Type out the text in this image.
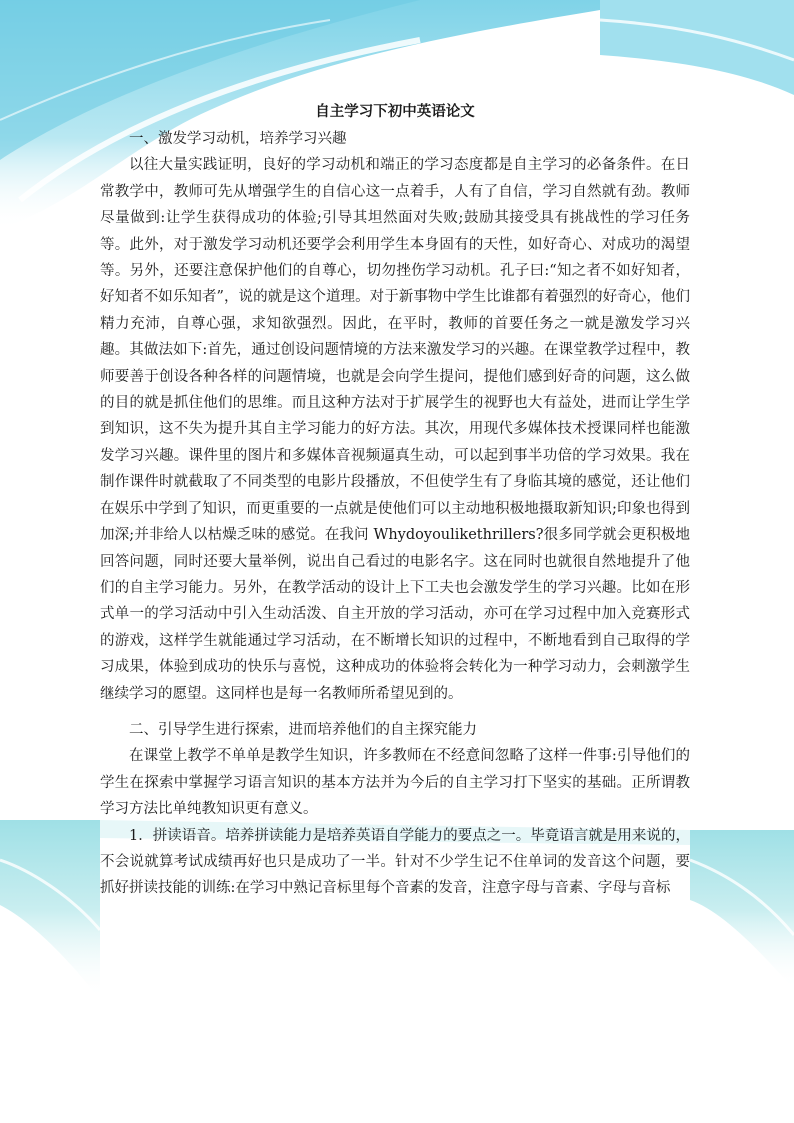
自主学习下初中英语论文

一、激发学习动机，培养学习兴趣

以往大量实践证明，良好的学习动机和端正的学习态度都是自主学习的必备条件。在日常教学中，教师可先从增强学生的自信心这一点着手，人有了自信，学习自然就有劲。教师尽量做到:让学生获得成功的体验;引导其坦然面对失败;鼓励其接受具有挑战性的学习任务等。此外，对于激发学习动机还要学会利用学生本身固有的天性，如好奇心、对成功的渴望等。另外，还要注意保护他们的自尊心，切勿挫伤学习动机。孔子曰:“知之者不如好知者，好知者不如乐知者”，说的就是这个道理。对于新事物中学生比谁都有着强烈的好奇心，他们精力充沛，自尊心强，求知欲强烈。因此，在平时，教师的首要任务之一就是激发学习兴趣。其做法如下:首先，通过创设问题情境的方法来激发学习的兴趣。在课堂教学过程中，教师要善于创设各种各样的问题情境，也就是会向学生提问，提他们感到好奇的问题，这么做的目的就是抓住他们的思维。而且这种方法对于扩展学生的视野也大有益处，进而让学生学到知识，这不失为提升其自主学习能力的好方法。其次，用现代多媒体技术授课同样也能激发学习兴趣。课件里的图片和多媒体音视频逼真生动，可以起到事半功倍的学习效果。我在制作课件时就截取了不同类型的电影片段播放，不但使学生有了身临其境的感觉，还让他们在娱乐中学到了知识，而更重要的一点就是使他们可以主动地积极地摄取新知识;印象也得到加深;并非给人以枯燥乏味的感觉。在我问 Whydoyoulikethrillers?很多同学就会更积极地回答问题，同时还要大量举例，说出自己看过的电影名字。这在同时也就很自然地提升了他们的自主学习能力。另外，在教学活动的设计上下工夫也会激发学生的学习兴趣。比如在形式单一的学习活动中引入生动活泼、自主开放的学习活动，亦可在学习过程中加入竞赛形式的游戏，这样学生就能通过学习活动，在不断增长知识的过程中，不断地看到自己取得的学习成果，体验到成功的快乐与喜悦，这种成功的体验将会转化为一种学习动力，会刺激学生继续学习的愿望。这同样也是每一名教师所希望见到的。

二、引导学生进行探索，进而培养他们的自主探究能力

在课堂上教学不单单是教学生知识，许多教师在不经意间忽略了这样一件事:引导他们的学生在探索中掌握学习语言知识的基本方法并为今后的自主学习打下坚实的基础。正所谓教学习方法比单纯教知识更有意义。

1．拼读语音。培养拼读能力是培养英语自学能力的要点之一。毕竟语言就是用来说的，不会说就算考试成绩再好也只是成功了一半。针对不少学生记不住单词的发音这个问题，要抓好拼读技能的训练:在学习中熟记音标里每个音素的发音，注意字母与音素、字母与音标
